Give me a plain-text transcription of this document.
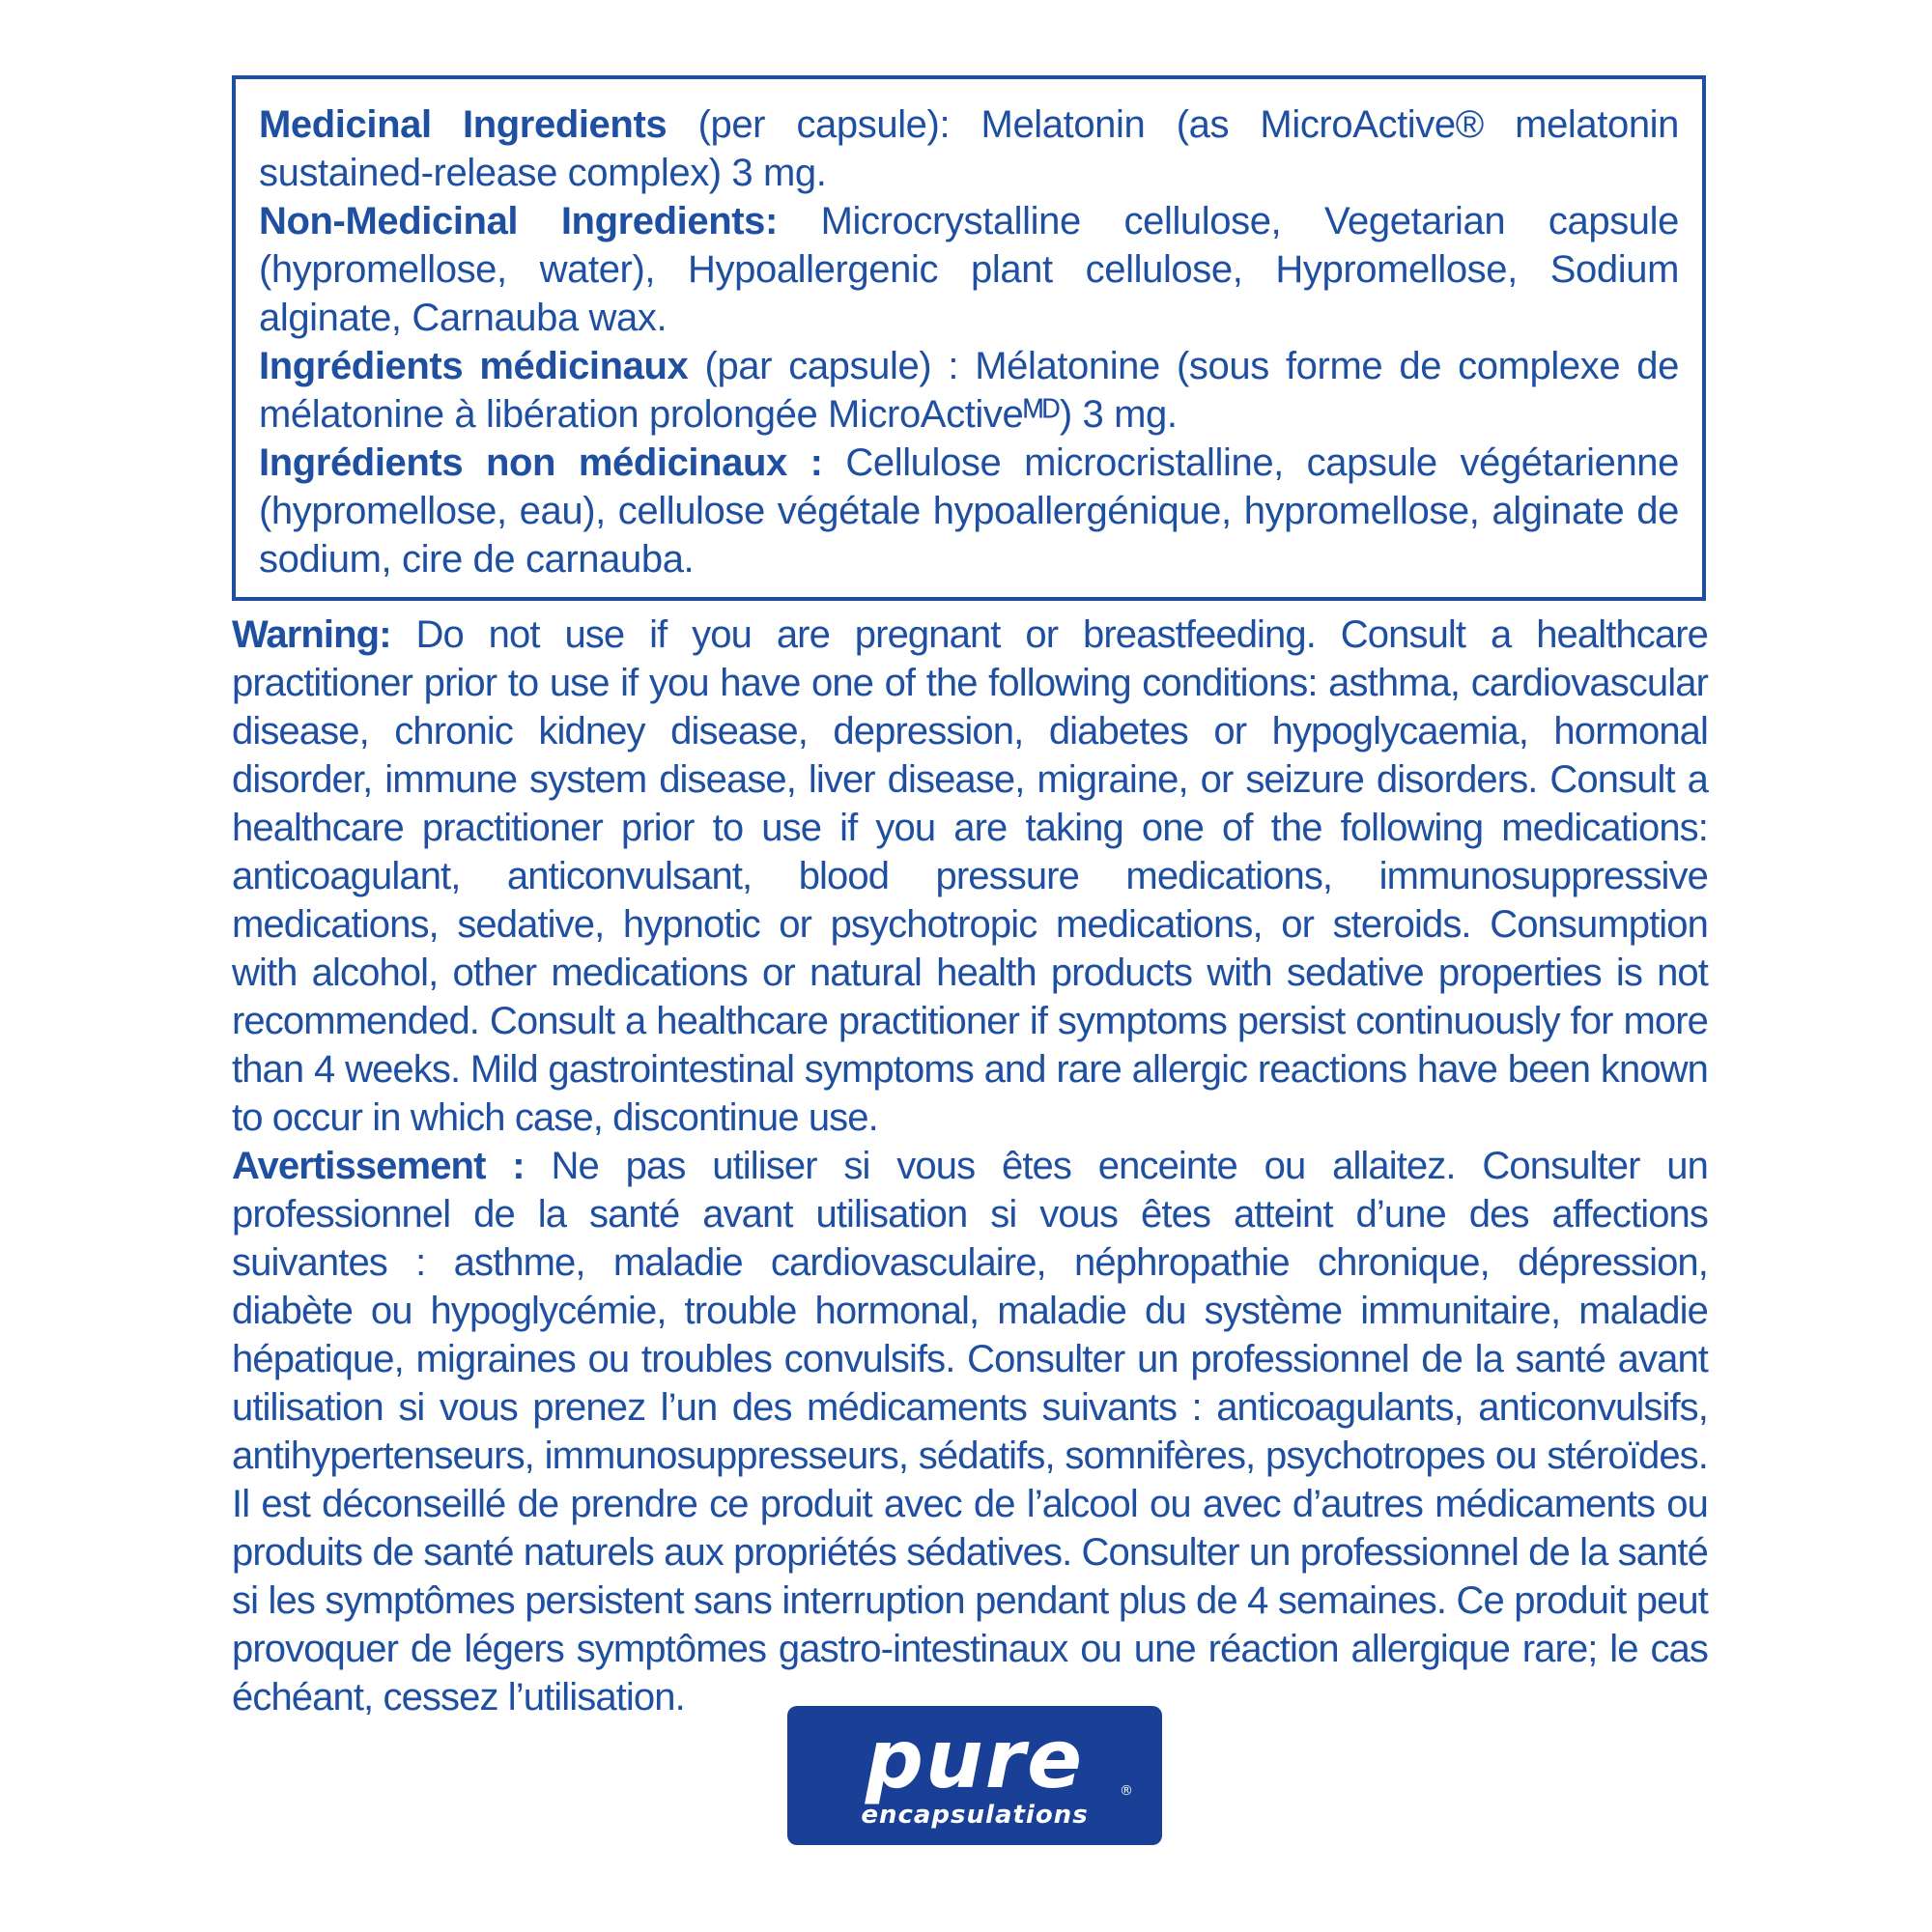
Medicinal Ingredients (per capsule): Melatonin (as MicroActive® melatonin sustained-release complex) 3 mg.

Non-Medicinal Ingredients: Microcrystalline cellulose, Vegetarian capsule (hypromellose, water), Hypoallergenic plant cellulose, Hypromellose, Sodium alginate, Carnauba wax.

Ingrédients médicinaux (par capsule) : Mélatonine (sous forme de complexe de mélatonine à libération prolongée MicroActiveᴹᴰ) 3 mg.

Ingrédients non médicinaux : Cellulose microcristalline, capsule végétarienne (hypromellose, eau), cellulose végétale hypoallergénique, hypromellose, alginate de sodium, cire de carnauba.

Warning: Do not use if you are pregnant or breastfeeding. Consult a healthcare practitioner prior to use if you have one of the following conditions: asthma, cardiovascular disease, chronic kidney disease, depression, diabetes or hypoglycaemia, hormonal disorder, immune system disease, liver disease, migraine, or seizure disorders. Consult a healthcare practitioner prior to use if you are taking one of the following medications: anticoagulant, anticonvulsant, blood pressure medications, immunosuppressive medications, sedative, hypnotic or psychotropic medications, or steroids. Consumption with alcohol, other medications or natural health products with sedative properties is not recommended. Consult a healthcare practitioner if symptoms persist continuously for more than 4 weeks. Mild gastrointestinal symptoms and rare allergic reactions have been known to occur in which case, discontinue use.

Avertissement : Ne pas utiliser si vous êtes enceinte ou allaitez. Consulter un professionnel de la santé avant utilisation si vous êtes atteint d’une des affections suivantes : asthme, maladie cardiovasculaire, néphropathie chronique, dépression, diabète ou hypoglycémie, trouble hormonal, maladie du système immunitaire, maladie hépatique, migraines ou troubles convulsifs. Consulter un professionnel de la santé avant utilisation si vous prenez l’un des médicaments suivants : anticoagulants, anticonvulsifs, antihypertenseurs, immunosuppresseurs, sédatifs, somnifères, psychotropes ou stéroïdes. Il est déconseillé de prendre ce produit avec de l’alcool ou avec d’autres médicaments ou produits de santé naturels aux propriétés sédatives. Consulter un professionnel de la santé si les symptômes persistent sans interruption pendant plus de 4 semaines. Ce produit peut provoquer de légers symptômes gastro-intestinaux ou une réaction allergique rare; le cas échéant, cessez l’utilisation.

pure
encapsulations
®
